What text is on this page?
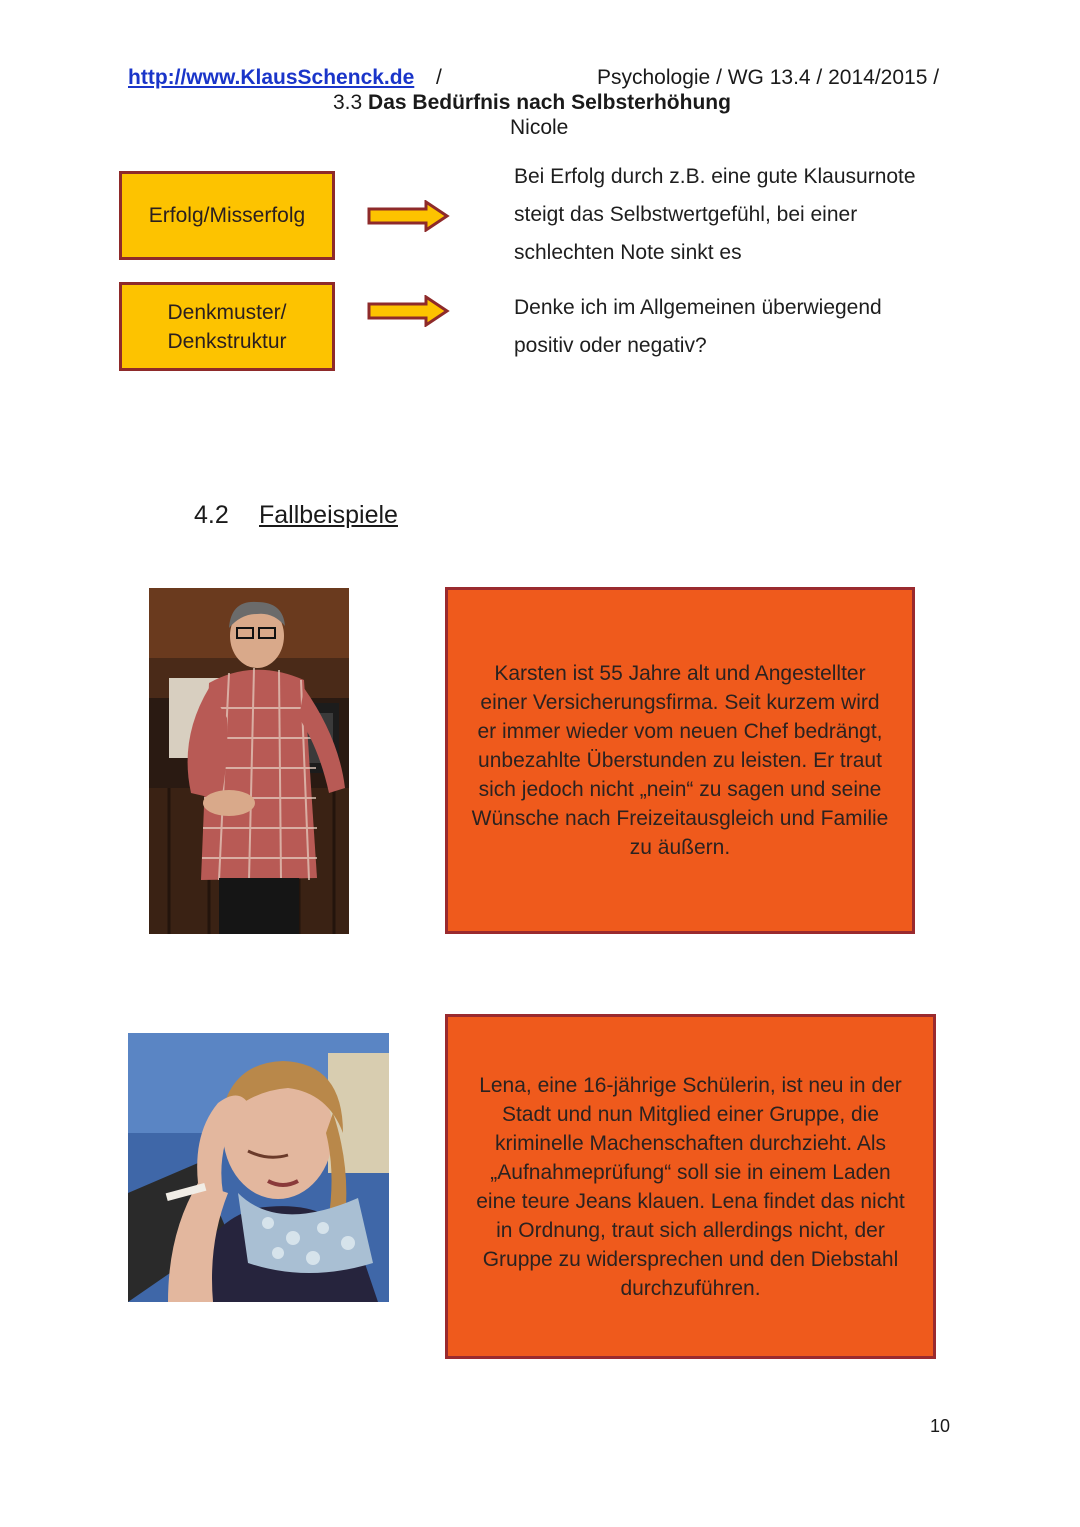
http://www.KlausSchenck.de /	Psychologie / WG 13.4 / 2014/2015 /
3.3 Das Bedürfnis nach Selbsterhöhung
Nicole
Erfolg/Misserfolg
Bei Erfolg durch z.B. eine gute Klausurnote
steigt das Selbstwertgefühl, bei einer
schlechten Note sinkt es
Denkmuster/
Denkstruktur
Denke ich im Allgemeinen überwiegend
positiv oder negativ?
4.2 Fallbeispiele
Karsten ist 55 Jahre alt und Angestellter
einer Versicherungsfirma. Seit kurzem wird
er immer wieder vom neuen Chef bedrängt,
unbezahlte Überstunden zu leisten. Er traut
sich jedoch nicht „nein“ zu sagen und seine
Wünsche nach Freizeitausgleich und Familie
zu äußern.
Lena, eine 16-jährige Schülerin, ist neu in der
Stadt und nun Mitglied einer Gruppe, die
kriminelle Machenschaften durchzieht. Als
„Aufnahmeprüfung“ soll sie in einem Laden
eine teure Jeans klauen. Lena findet das nicht
in Ordnung, traut sich allerdings nicht, der
Gruppe zu widersprechen und den Diebstahl
durchzuführen.
10
